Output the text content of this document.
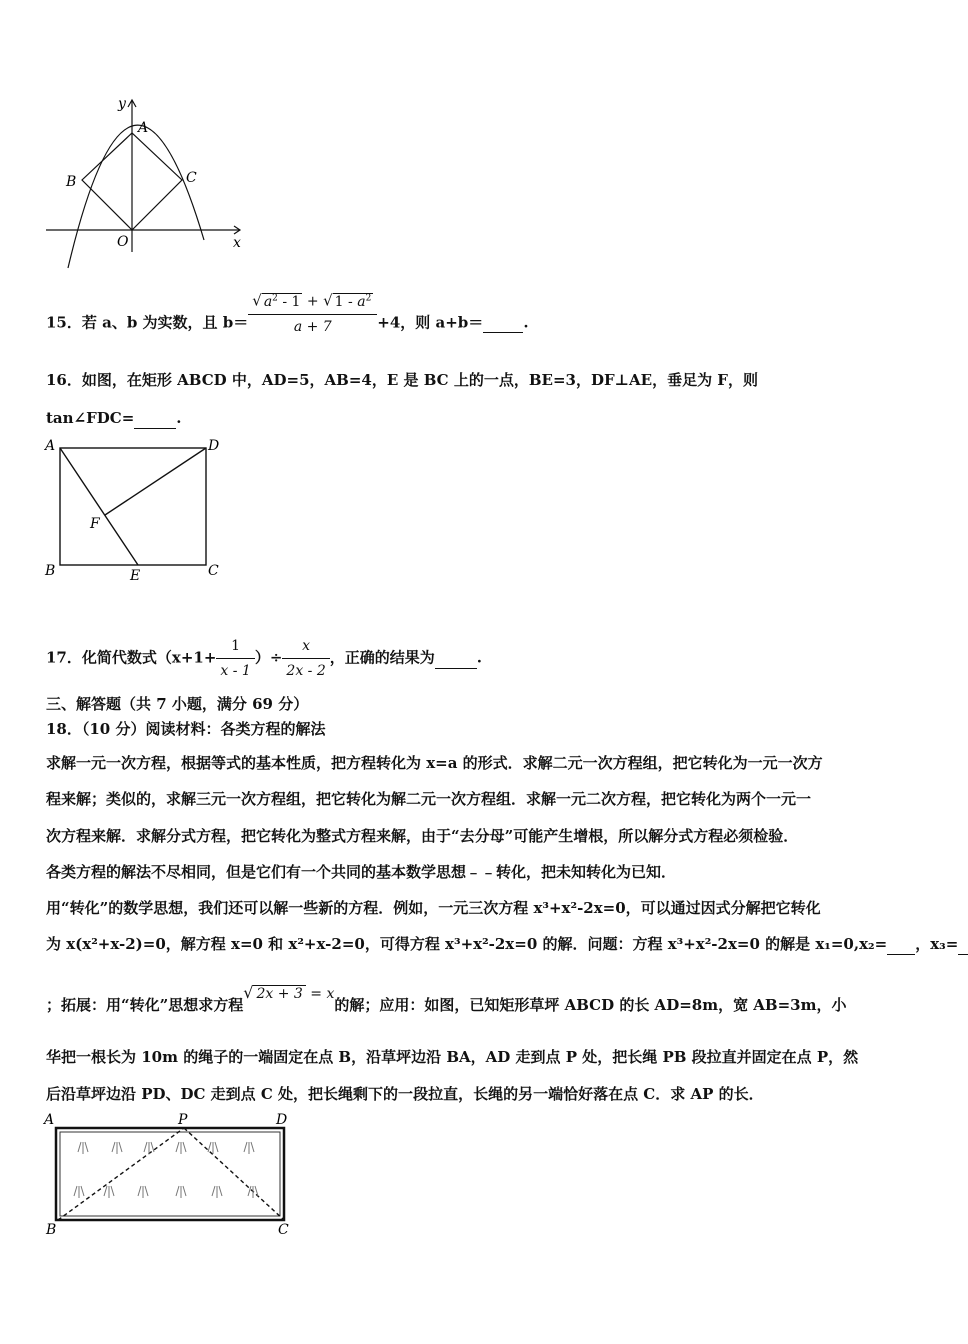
y
x
A
B	C
O
15．若 a、b 为实数，且 $b= \frac{√ a^2 - 1 + √ 1 - a^2}{a + 7} +4$，则 a+b＝	.
16．如图，在矩形 ABCD 中，AD=5，AB=4，E 是 BC 上的一点，BE=3，DF⊥AE，垂足为 F，则
tan∠FDC=	.
A	D
F
B	E	C
17．化简代数式（$x+1+ \frac{1}{x - 1}$ ）÷ $\frac{x}{2x - 2}$ ，正确的结果为	.
三、解答题（共 7 小题，满分 69 分）
18．（10 分）阅读材料：各类方程的解法
求解一元一次方程，根据等式的基本性质，把方程转化为 x=a 的形式．求解二元一次方程组，把它转化为一元一次方
程来解；类似的，求解三元一次方程组，把它转化为解二元一次方程组．求解一元二次方程，把它转化为两个一元一
次方程来解．求解分式方程，把它转化为整式方程来解，由于“去分母”可能产生增根，所以解分式方程必须检验．
各类方程的解法不尽相同，但是它们有一个共同的基本数学思想﹣﹣转化，把未知转化为已知．
用“转化”的数学思想，我们还可以解一些新的方程．例如，一元三次方程 x³+x²-2x=0，可以通过因式分解把它转化
为 x(x²+x-2)=0，解方程 x=0 和 x²+x-2=0，可得方程 x³+x²-2x=0 的解．问题：方程 x³+x²-2x=0 的解是 x₁=0,x₂= ，x₃=
；拓展：用“转化”思想求方程√ 2x + 3 = x的解；应用：如图，已知矩形草坪 ABCD 的长 AD=8m，宽 AB=3m，小
华把一根长为 10m 的绳子的一端固定在点 B，沿草坪边沿 BA，AD 走到点 P 处，把长绳 PB 段拉直并固定在点 P，然
后沿草坪边沿 PD、DC 走到点 C 处，把长绳剩下的一段拉直，长绳的另一端恰好落在点 C．求 AP 的长．
A	P	D
B	C
